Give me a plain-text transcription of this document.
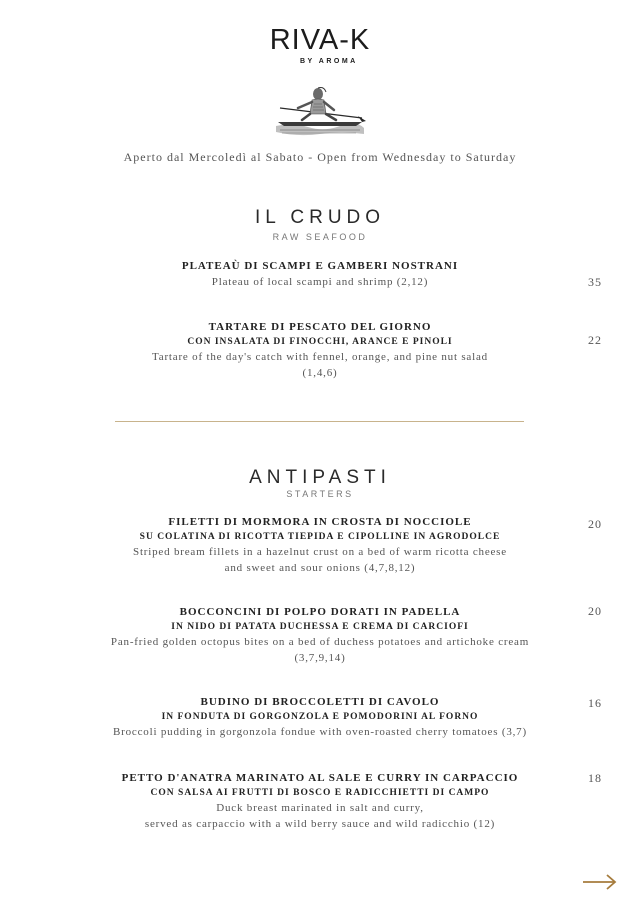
RIVA-K
BY AROMA
Aperto dal Mercoledì al Sabato - Open from Wednesday to Saturday
IL CRUDO
RAW SEAFOOD
PLATEAÙ DI SCAMPI E GAMBERI NOSTRANI
Plateau of local scampi and shrimp (2,12)	35
TARTARE DI PESCATO DEL GIORNO
CON INSALATA DI FINOCCHI, ARANCE E PINOLI
Tartare of the day's catch with fennel, orange, and pine nut salad
(1,4,6)
22
ANTIPASTI
STARTERS
FILETTI DI MORMORA IN CROSTA DI NOCCIOLE
SU COLATINA DI RICOTTA TIEPIDA E CIPOLLINE IN AGRODOLCE
Striped bream fillets in a hazelnut crust on a bed of warm ricotta cheese
and sweet and sour onions (4,7,8,12)
20
BOCCONCINI DI POLPO DORATI IN PADELLA
IN NIDO DI PATATA DUCHESSA E CREMA DI CARCIOFI
Pan-fried golden octopus bites on a bed of duchess potatoes and artichoke cream
(3,7,9,14)
20
BUDINO DI BROCCOLETTI DI CAVOLO
IN FONDUTA DI GORGONZOLA E POMODORINI AL FORNO
Broccoli pudding in gorgonzola fondue with oven-roasted cherry tomatoes (3,7)
16
PETTO D'ANATRA MARINATO AL SALE E CURRY IN CARPACCIO
CON SALSA AI FRUTTI DI BOSCO E RADICCHIETTI DI CAMPO
Duck breast marinated in salt and curry,
served as carpaccio with a wild berry sauce and wild radicchio (12)
18
